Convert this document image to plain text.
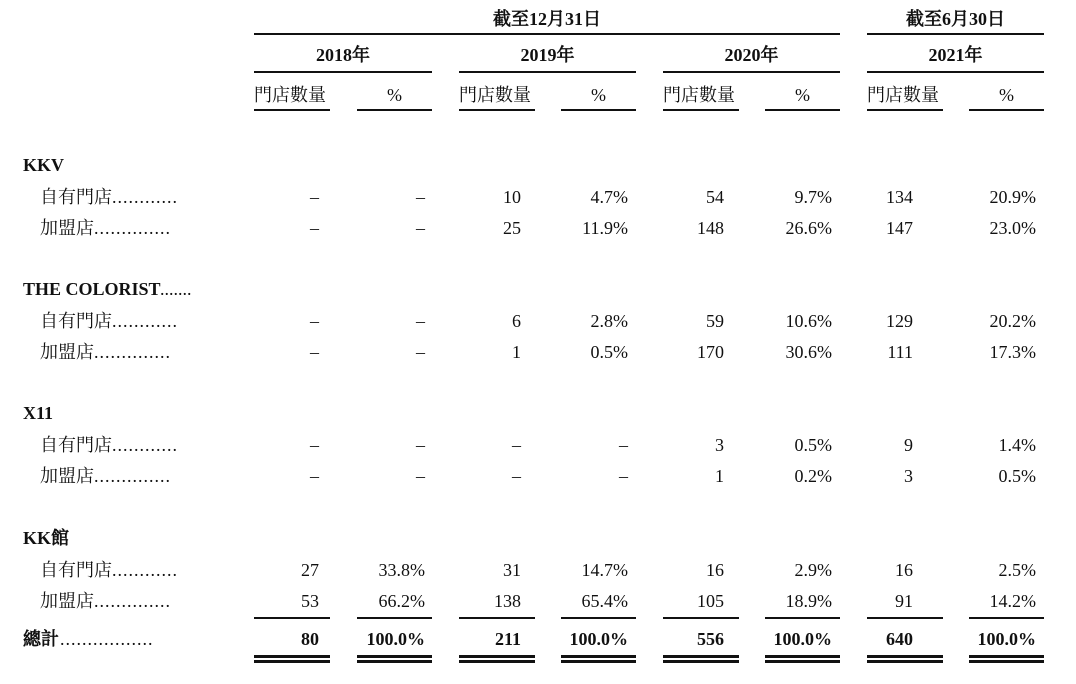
截至12月31日	截至6月30日
2018年
門店數量	%
2019年
門店數量	%
2020年
門店數量	%
2021年
門店數量	%
KKV
自有門店 ............	–	–	10	4.7%	54	9.7%	134	20.9%
加盟店 ..............	–	–	25	11.9%	148	26.6%	147	23.0%
THE COLORIST .......
自有門店 ............	–	–	6	2.8%	59	10.6%	129	20.2%
加盟店 ..............	–	–	1	0.5%	170	30.6%	111	17.3%
X11
自有門店 ............	–	–	–	–	3	0.5%	9	1.4%
加盟店 ..............	–	–	–	–	1	0.2%	3	0.5%
KK館
自有門店 ............	27	33.8%	31	14.7%	16	2.9%	16	2.5%
加盟店 ..............	53	66.2%	138	65.4%	105	18.9%	91	14.2%
總計 .................	80	100.0%	211	100.0%	556	100.0%	640	100.0%
